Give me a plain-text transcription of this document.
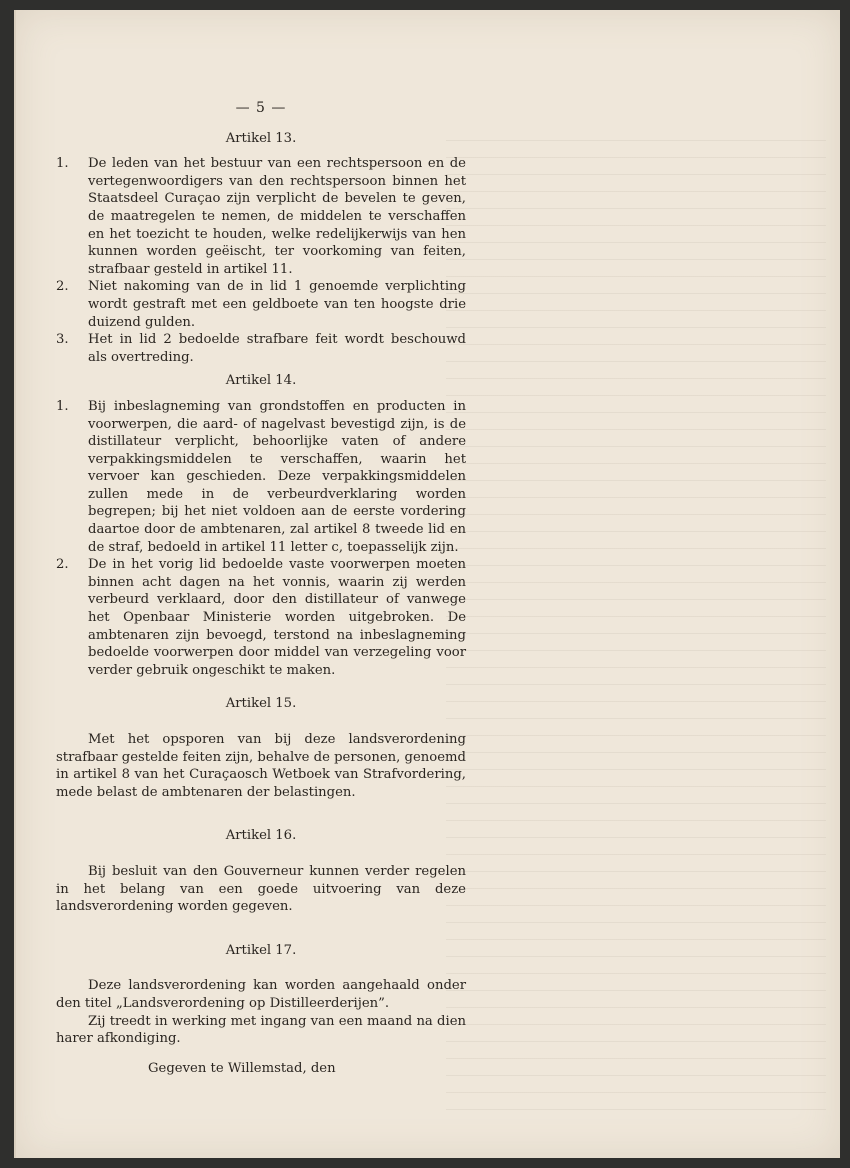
— 5 —
Artikel 13.
1.	De leden van het bestuur van een rechtspersoon en de vertegenwoordigers van den rechtspersoon binnen het Staatsdeel Curaçao zijn verplicht de bevelen te geven, de maatregelen te nemen, de middelen te verschaffen en het toezicht te houden, welke redelijkerwijs van hen kunnen worden geëischt, ter voorkoming van feiten, strafbaar gesteld in artikel 11.
2.	Niet nakoming van de in lid 1 genoemde verplichting wordt gestraft met een geldboete van ten hoogste drie duizend gulden.
3.	Het in lid 2 bedoelde strafbare feit wordt beschouwd als overtreding.
Artikel 14.
1.	Bij inbeslagneming van grondstoffen en producten in voorwerpen, die aard- of nagelvast bevestigd zijn, is de distillateur verplicht, behoorlijke vaten of andere verpakkingsmiddelen te verschaffen, waarin het vervoer kan geschieden. Deze verpakkingsmiddelen zullen mede in de verbeurdverklaring worden begrepen; bij het niet voldoen aan de eerste vordering daartoe door de ambtenaren, zal artikel 8 tweede lid en de straf, bedoeld in artikel 11 letter c, toepasselijk zijn.
2.	De in het vorig lid bedoelde vaste voorwerpen moeten binnen acht dagen na het vonnis, waarin zij werden verbeurd verklaard, door den distillateur of vanwege het Openbaar Ministerie worden uitgebroken. De ambtenaren zijn bevoegd, terstond na inbeslagneming bedoelde voorwerpen door middel van verzegeling voor verder gebruik ongeschikt te maken.
Artikel 15.

Met het opsporen van bij deze landsverordening strafbaar gestelde feiten zijn, behalve de personen, genoemd in artikel 8 van het Curaçaosch Wetboek van Strafvordering, mede belast de ambtenaren der belastingen.

Artikel 16.

Bij besluit van den Gouverneur kunnen verder regelen in het belang van een goede uitvoering van deze landsverordening worden gegeven.

Artikel 17.

Deze landsverordening kan worden aangehaald onder den titel „Landsverordening op Distilleerderijen”.

Zij treedt in werking met ingang van een maand na dien harer afkondiging.

Gegeven te Willemstad, den
